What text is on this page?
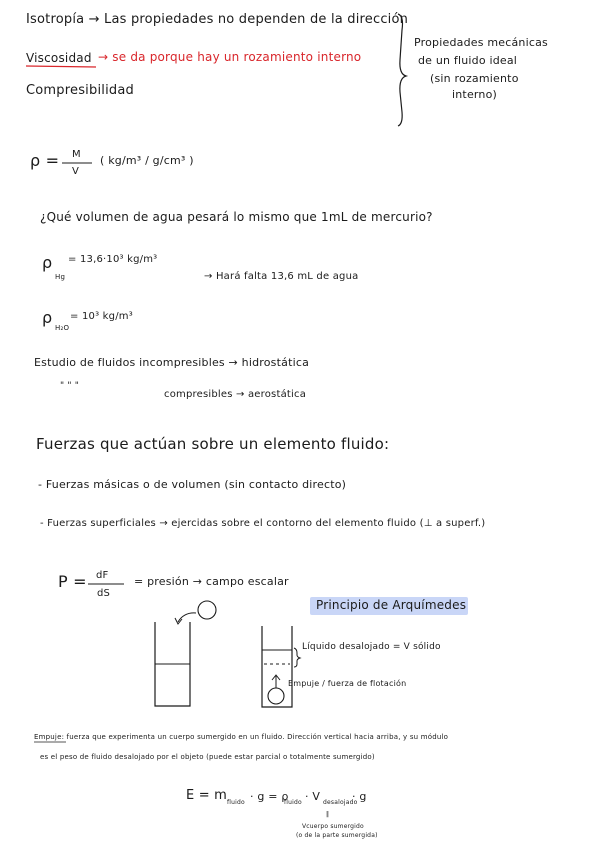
Isotropía → Las propiedades no dependen de la dirección
Viscosidad → se da porque hay un rozamiento interno
Compresibilidad
Propiedades mecánicas
de un fluido ideal
(sin rozamiento
interno)
ρ = M
V
( kg/m³ / g/cm³ )
¿Qué volumen de agua pesará lo mismo que 1mL de mercurio?
ρ
Hg
= 13,6·10³ kg/m³
→ Hará falta 13,6 mL de agua
ρ
H₂O
= 10³ kg/m³
Estudio de fluidos incompresibles → hidrostática
" " "
compresibles → aerostática
Fuerzas que actúan sobre un elemento fluido:
- Fuerzas másicas o de volumen (sin contacto directo)
- Fuerzas superficiales → ejercidas sobre el contorno del elemento fluido (⊥ a superf.)
P = dF
dS
= presión → campo escalar
Principio de Arquímedes
Líquido desalojado = V sólido
Empuje / fuerza de flotación
Empuje: fuerza que experimenta un cuerpo sumergido en un fluido. Dirección vertical hacia arriba, y su módulo
es el peso de fluido desalojado por el objeto (puede estar parcial o totalmente sumergido)
E = m fluido · g = ρ
fluido · V desalojado
· g
‖
Vcuerpo sumergido
(o de la parte sumergida)
